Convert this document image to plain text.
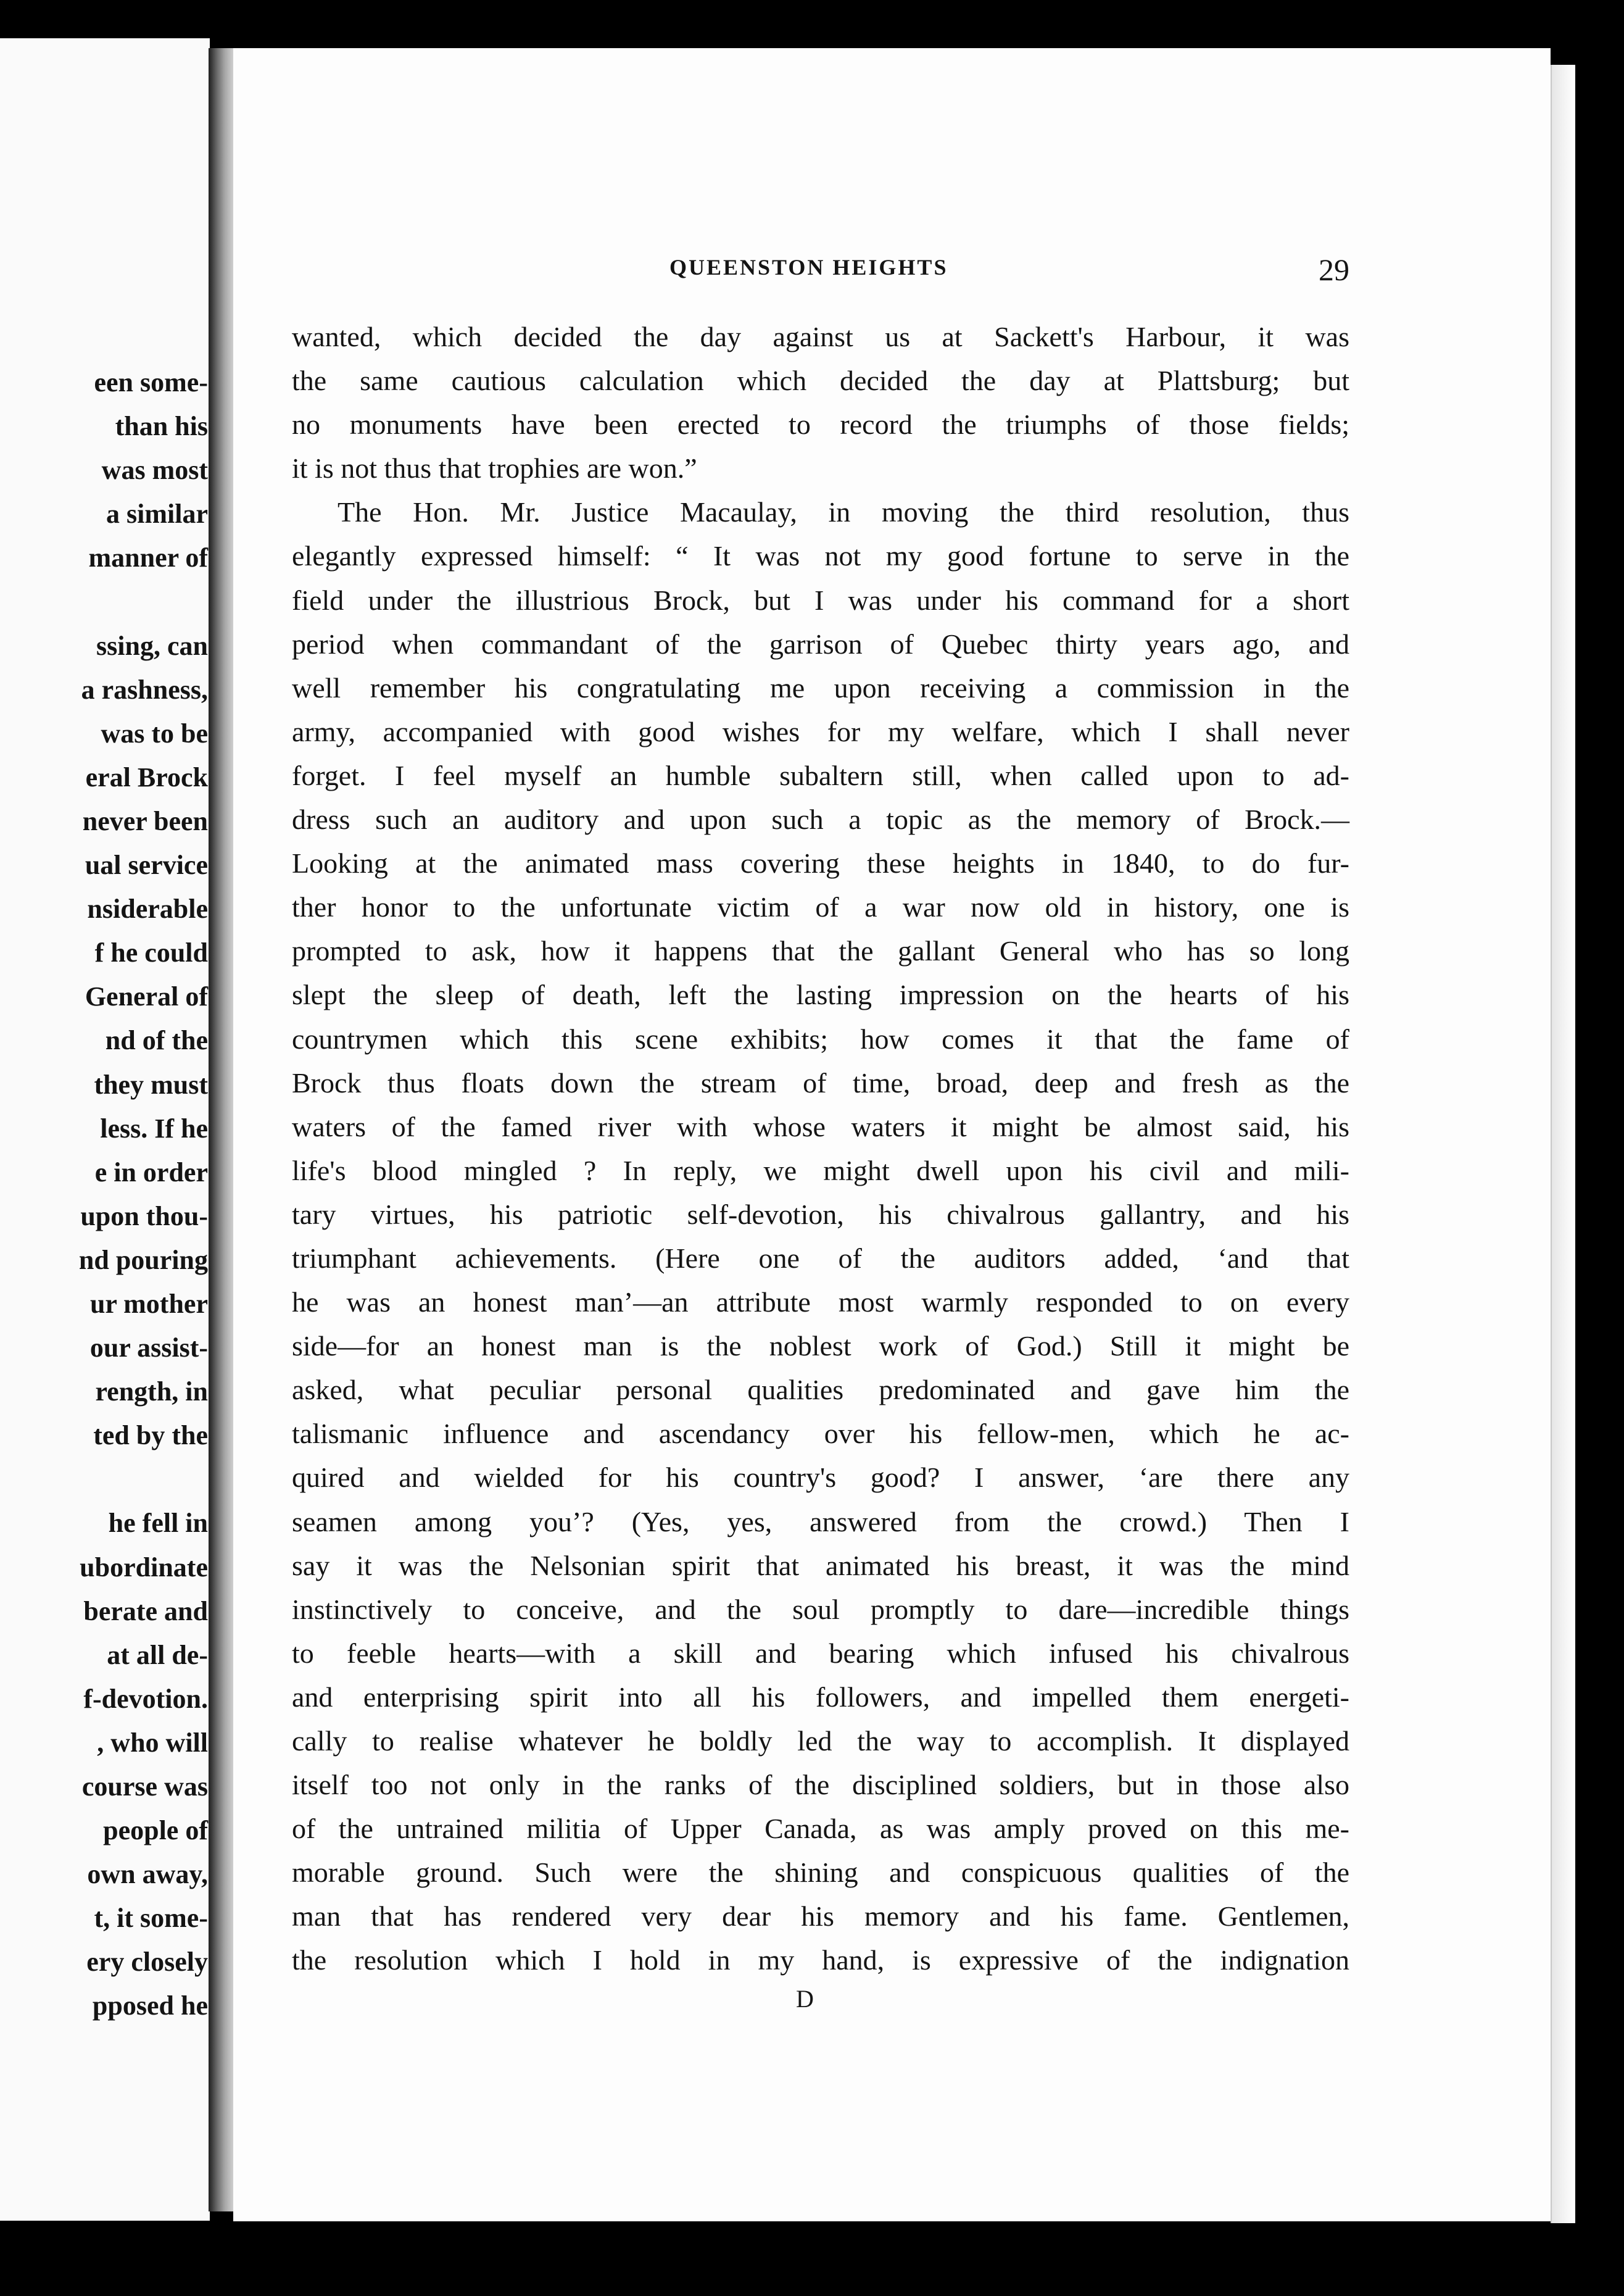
een some-
than his
was most
a similar
manner of
ssing, can
a rashness,
was to be
eral Brock
never been
ual service
nsiderable
f he could
General of
nd of the
they must
less. If he
e in order
upon thou-
nd pouring
ur mother
our assist-
rength, in
ted by the
he fell in
ubordinate
berate and
at all de-
f-devotion.
, who will
course was
people of
own away,
t, it some-
ery closely
pposed he
QUEENSTON HEIGHTS	29
wanted, which decided the day against us at Sackett's Harbour, it was
the same cautious calculation which decided the day at Plattsburg; but
no monuments have been erected to record the triumphs of those fields;
it is not thus that trophies are won.”
The Hon. Mr. Justice Macaulay, in moving the third resolution, thus
elegantly expressed himself: “ It was not my good fortune to serve in the
field under the illustrious Brock, but I was under his command for a short
period when commandant of the garrison of Quebec thirty years ago, and
well remember his congratulating me upon receiving a commission in the
army, accompanied with good wishes for my welfare, which I shall never
forget. I feel myself an humble subaltern still, when called upon to ad-
dress such an auditory and upon such a topic as the memory of Brock.—
Looking at the animated mass covering these heights in 1840, to do fur-
ther honor to the unfortunate victim of a war now old in history, one is
prompted to ask, how it happens that the gallant General who has so long
slept the sleep of death, left the lasting impression on the hearts of his
countrymen which this scene exhibits; how comes it that the fame of
Brock thus floats down the stream of time, broad, deep and fresh as the
waters of the famed river with whose waters it might be almost said, his
life's blood mingled ? In reply, we might dwell upon his civil and mili-
tary virtues, his patriotic self-devotion, his chivalrous gallantry, and his
triumphant achievements. (Here one of the auditors added, ‘and that
he was an honest man’—an attribute most warmly responded to on every
side—for an honest man is the noblest work of God.) Still it might be
asked, what peculiar personal qualities predominated and gave him the
talismanic influence and ascendancy over his fellow-men, which he ac-
quired and wielded for his country's good? I answer, ‘are there any
seamen among you’? (Yes, yes, answered from the crowd.) Then I
say it was the Nelsonian spirit that animated his breast, it was the mind
instinctively to conceive, and the soul promptly to dare—incredible things
to feeble hearts—with a skill and bearing which infused his chivalrous
and enterprising spirit into all his followers, and impelled them energeti-
cally to realise whatever he boldly led the way to accomplish. It displayed
itself too not only in the ranks of the disciplined soldiers, but in those also
of the untrained militia of Upper Canada, as was amply proved on this me-
morable ground. Such were the shining and conspicuous qualities of the
man that has rendered very dear his memory and his fame. Gentlemen,
the resolution which I hold in my hand, is expressive of the indignation
D
